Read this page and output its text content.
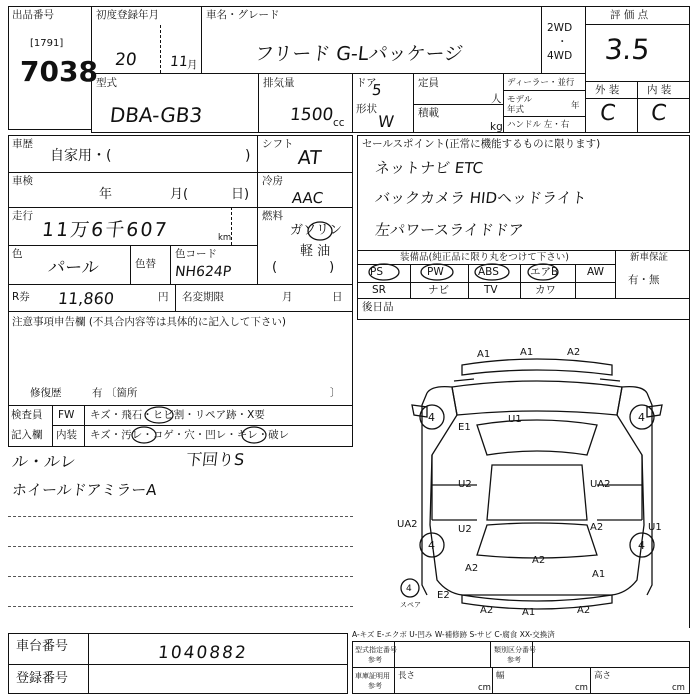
出品番号
[1791]
7038
初度登録年月
20 11
月
車名・グレード
フリード G-Lパッケージ
2WD
・
4WD
評 価 点
3.5
型式
DBA-GB3
排気量
1500
cc
ドア
5
形状
W
定員
人
積載
kg
ディーラー・並行
モデル年式	年
ハンドル 左・右
外 装	内 装
C C
車歴
自家用・(	)
車検
年	月(	日)
走行
11万6千607	km
色
パール	色替
色コード
NH624P
シフト
AT
冷房
AAC
燃料
ガソリン
軽 油
(　　　　)
R券 11,860	円 名変期限	月	日
セールスポイント(正常に機能するものに限ります)
ネットナビ ETC
バックカメラ HIDヘッドライト
左パワースライドドア
装備品(純正品に限り丸をつけて下さい)	新車保証
有・無
PS	PW	ABS	エアB	AW
SR	ナビ	TV	カワ
後日品
注意事項申告欄 (不具合内容等は具体的に記入して下さい)
修復歴	有 〔箇所	〕
検査員
記入欄
FW キズ・飛石・ヒビ割・リペア跡・X要
内装 キズ・汚レ・コゲ・穴・凹レ・キレ・破レ
ル・ルレ	下回りS
ホイールドアミラーA
A1	A1	A2
U1
E1
U2
U2
UA2
UA2	A2
A2
U1
A2
A1
A2	A1	A2
E2
4	4
4	4
4
スペア
A-キズ E-エクボ U-凹み W-補修跡 S-サビ C-腐食 XX-交換済
車台番号	1040882
登録番号
型式指定番号
参考
類別区分番号
参考
車庫証明用
参考
長さ
cm
幅
cm
高さ
cm
